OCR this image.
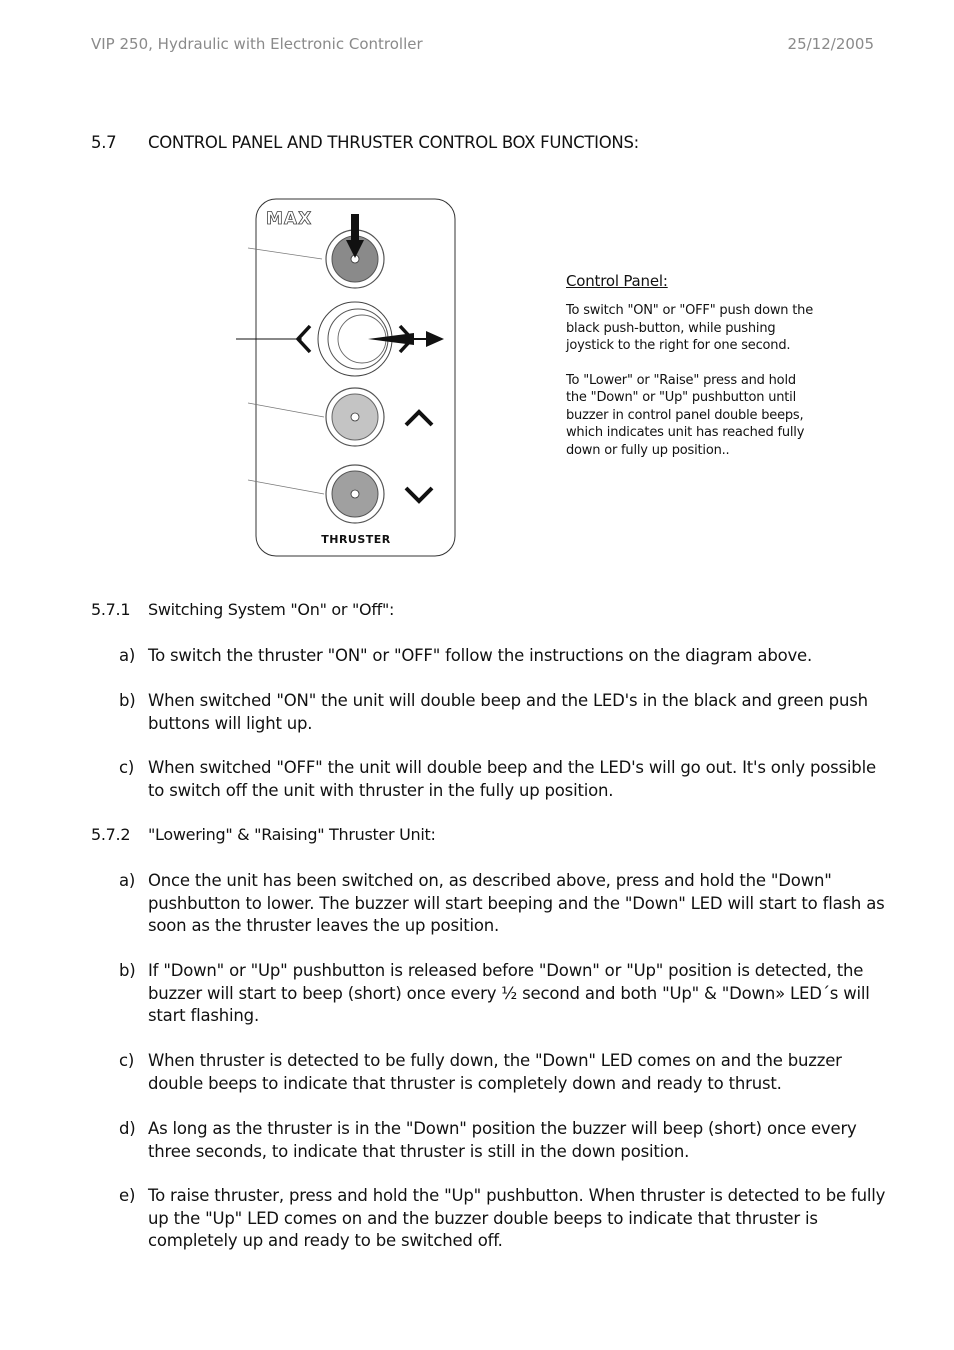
VIP 250, Hydraulic with Electronic Controller	25/12/2005
5.7 CONTROL PANEL AND THRUSTER CONTROL BOX FUNCTIONS:
MAX
THRUSTER

Control Panel:

To switch "ON" or "OFF" push down the black push-button, while pushing joystick to the right for one second.

To "Lower" or "Raise" press and hold the "Down" or "Up" pushbutton until buzzer in control panel double beeps, which indicates unit has reached fully down or fully up position..

5.7.1 Switching System "On" or "Off":
a) To switch the thruster "ON" or "OFF" follow the instructions on the diagram above.
b) When switched "ON" the unit will double beep and the LED's in the black and green push buttons will light up.
c) When switched "OFF" the unit will double beep and the LED's will go out. It's only possible to switch off the unit with thruster in the fully up position.
5.7.2 "Lowering" & "Raising" Thruster Unit:
a) Once the unit has been switched on, as described above, press and hold the "Down" pushbutton to lower. The buzzer will start beeping and the "Down" LED will start to flash as soon as the thruster leaves the up position.
b) If "Down" or "Up" pushbutton is released before "Down" or "Up" position is detected, the buzzer will start to beep (short) once every ½ second and both "Up" & "Down» LED´s will start flashing.
c) When thruster is detected to be fully down, the "Down" LED comes on and the buzzer double beeps to indicate that thruster is completely down and ready to thrust.
d) As long as the thruster is in the "Down" position the buzzer will beep (short) once every three seconds, to indicate that thruster is still in the down position.
e) To raise thruster, press and hold the "Up" pushbutton. When thruster is detected to be fully up the "Up" LED comes on and the buzzer double beeps to indicate that thruster is completely up and ready to be switched off.
